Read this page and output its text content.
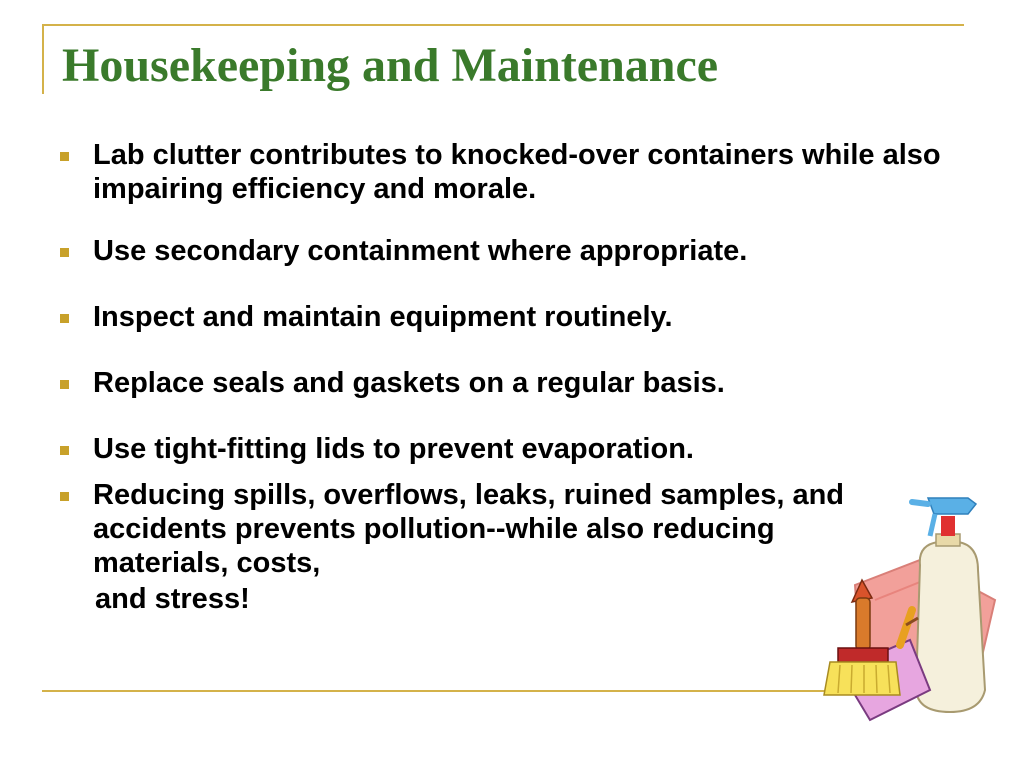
Housekeeping and Maintenance
Lab clutter contributes to knocked-over containers while also impairing efficiency and morale.
Use secondary containment where appropriate.
Inspect and maintain equipment routinely.
Replace seals and gaskets on a regular basis.
Use tight-fitting lids to prevent evaporation.
Reducing spills, overflows, leaks, ruined samples, and accidents prevents pollution--while also reducing materials, costs,
and stress!
